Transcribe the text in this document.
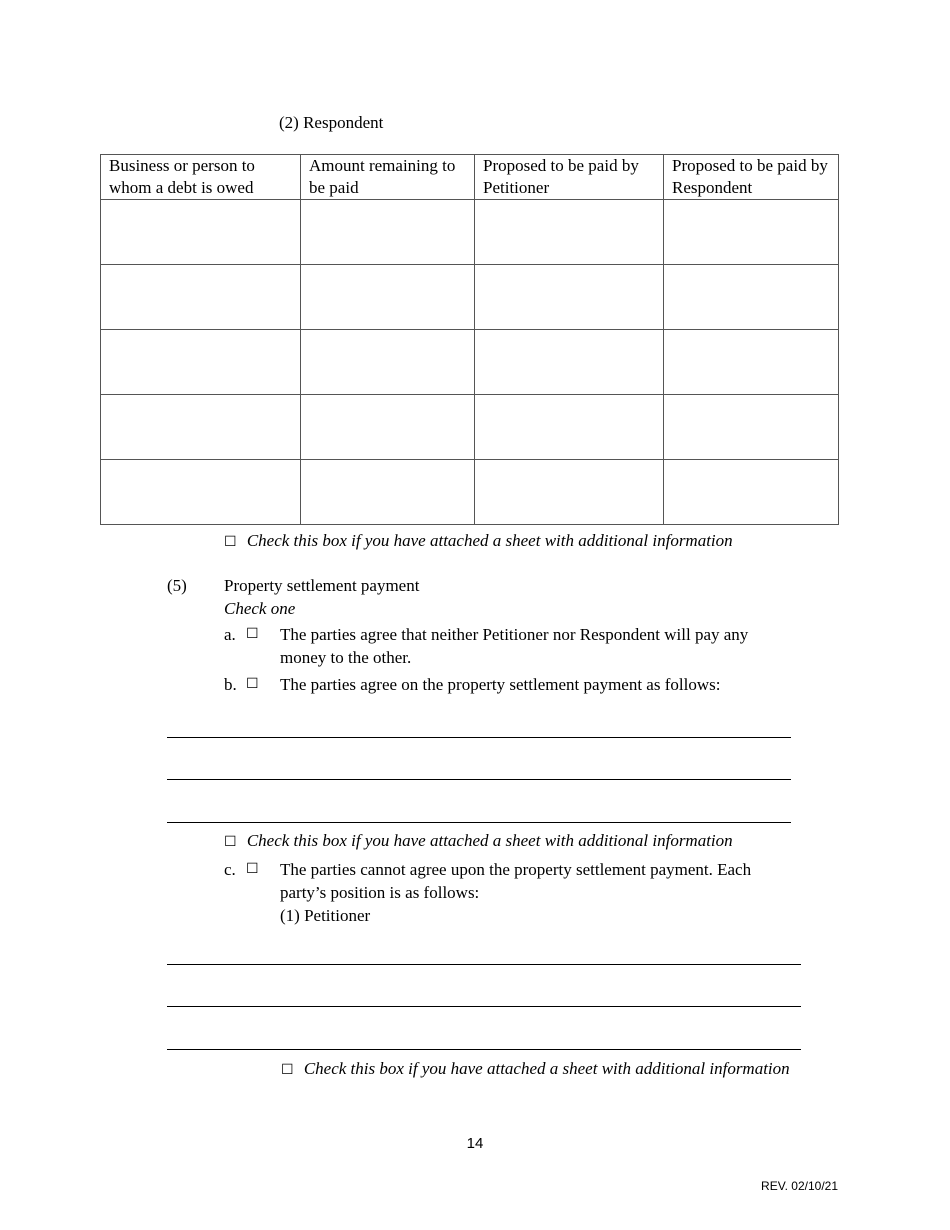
(2) Respondent
Business or person to whom a debt is owed	Amount remaining to be paid	Proposed to be paid by Petitioner	Proposed to be paid by Respondent

☐ Check this box if you have attached a sheet with additional information
(5) Property settlement payment
Check one
a. ☐	The parties agree that neither Petitioner nor Respondent will pay any
money to the other.
b. ☐	The parties agree on the property settlement payment as follows:
☐ Check this box if you have attached a sheet with additional information
c. ☐	The parties cannot agree upon the property settlement payment. Each
party’s position is as follows:
(1) Petitioner
☐ Check this box if you have attached a sheet with additional information
14
REV. 02/10/21
